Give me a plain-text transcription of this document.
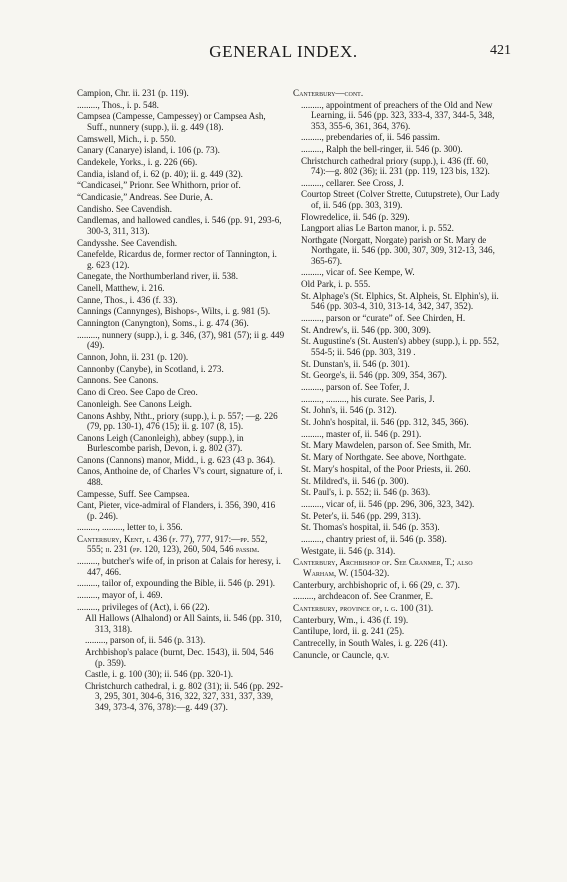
GENERAL INDEX.	421

Campion, Chr. ii. 231 (p. 119).

........., Thos., i. p. 548.

Campsea (Campesse, Campessey) or Campsea Ash, Suff., nunnery (supp.), ii. g. 449 (18).

Camswell, Mich., i. p. 550.

Canary (Canarye) island, i. 106 (p. 73).

Candekele, Yorks., i. g. 226 (66).

Candia, island of, i. 62 (p. 40); ii. g. 449 (32).

“Candicasei,” Prionr. See Whithorn, prior of.

“Candicasie,” Andreas. See Durie, A.

Candisho. See Cavendish.

Candlemas, and hallowed candles, i. 546 (pp. 91, 293-6, 300-3, 311, 313).

Candysshe. See Cavendish.

Canefelde, Ricardus de, former rector of Tannington, i. g. 623 (12).

Canegate, the Northumberland river, ii. 538.

Canell, Matthew, i. 216.

Canne, Thos., i. 436 (f. 33).

Cannings (Cannynges), Bishops-, Wilts, i. g. 981 (5).

Cannington (Canyngton), Soms., i. g. 474 (36).

........., nunnery (supp.), i. g. 346, (37), 981 (57); ii g. 449 (49).

Cannon, John, ii. 231 (p. 120).

Cannonby (Canybe), in Scotland, i. 273.

Cannons. See Canons.

Cano di Creo. See Capo de Creo.

Canonleigh. See Canons Leigh.

Canons Ashby, Ntht., priory (supp.), i. p. 557; —g. 226 (79, pp. 130-1), 476 (15); ii. g. 107 (8, 15).

Canons Leigh (Canonleigh), abbey (supp.), in Burlescombe parish, Devon, i. g. 802 (37).

Canons (Cannons) manor, Midd., i. g. 623 (43 p. 364).

Canos, Anthoine de, of Charles V's court, signature of, i. 488.

Campesse, Suff. See Campsea.

Cant, Pieter, vice-admiral of Flanders, i. 356, 390, 416 (p. 246).

........., ........., letter to, i. 356.

Canterbury, Kent, i. 436 (f. 77), 777, 917:—pp. 552, 555; ii. 231 (pp. 120, 123), 260, 504, 546 passim.

........., butcher's wife of, in prison at Calais for heresy, i. 447, 466.

........., tailor of, expounding the Bible, ii. 546 (p. 291).

........., mayor of, i. 469.

........., privileges of (Act), i. 66 (22).

All Hallows (Alhalond) or All Saints, ii. 546 (pp. 310, 313, 318).

........., parson of, ii. 546 (p. 313).

Archbishop's palace (burnt, Dec. 1543), ii. 504, 546 (p. 359).

Castle, i. g. 100 (30); ii. 546 (pp. 320-1).

Christchurch cathedral, i. g. 802 (31); ii. 546 (pp. 292-3, 295, 301, 304-6, 316, 322, 327, 331, 337, 339, 349, 373-4, 376, 378):—g. 449 (37).

Canterbury—cont.

........., appointment of preachers of the Old and New Learning, ii. 546 (pp. 323, 333-4, 337, 344-5, 348, 353, 355-6, 361, 364, 376).

........., prebendaries of, ii. 546 passim.

........., Ralph the bell-ringer, ii. 546 (p. 300).

Christchurch cathedral priory (supp.), i. 436 (ff. 60, 74):—g. 802 (36); ii. 231 (pp. 119, 123 bis, 132).

........., cellarer. See Cross, J.

Courtop Street (Colver Strette, Cutupstrete), Our Lady of, ii. 546 (pp. 303, 319).

Flowredelice, ii. 546 (p. 329).

Langport alias Le Barton manor, i. p. 552.

Northgate (Norgatt, Norgate) parish or St. Mary de Northgate, ii. 546 (pp. 300, 307, 309, 312-13, 346, 365-67).

........., vicar of. See Kempe, W.

Old Park, i. p. 555.

St. Alphage's (St. Elphics, St. Alpheis, St. Elphin's), ii. 546 (pp. 303-4, 310, 313-14, 342, 347, 352).

........., parson or “curate” of. See Chirden, H.

St. Andrew's, ii. 546 (pp. 300, 309).

St. Augustine's (St. Austen's) abbey (supp.), i. pp. 552, 554-5; ii. 546 (pp. 303, 319 .

St. Dunstan's, ii. 546 (p. 301).

St. George's, ii. 546 (pp. 309, 354, 367).

........., parson of. See Tofer, J.

........., ........., his curate. See Paris, J.

St. John's, ii. 546 (p. 312).

St. John's hospital, ii. 546 (pp. 312, 345, 366).

........., master of, ii. 546 (p. 291).

St. Mary Mawdelen, parson of. See Smith, Mr.

St. Mary of Northgate. See above, Northgate.

St. Mary's hospital, of the Poor Priests, ii. 260.

St. Mildred's, ii. 546 (p. 300).

St. Paul's, i. p. 552; ii. 546 (p. 363).

........., vicar of, ii. 546 (pp. 296, 306, 323, 342).

St. Peter's, ii. 546 (pp. 299, 313).

St. Thomas's hospital, ii. 546 (p. 353).

........., chantry priest of, ii. 546 (p. 358).

Westgate, ii. 546 (p. 314).

Canterbury, Archbishop of. See Cranmer, T.; also Warham, W. (1504-32).

Canterbury, archbishopric of, i. 66 (29, c. 37).

........., archdeacon of. See Cranmer, E.

Canterbury, province of, i. g. 100 (31).

Canterbury, Wm., i. 436 (f. 19).

Cantilupe, lord, ii. g. 241 (25).

Cantrecelly, in South Wales, i. g. 226 (41).

Canuncle, or Cauncle, q.v.
